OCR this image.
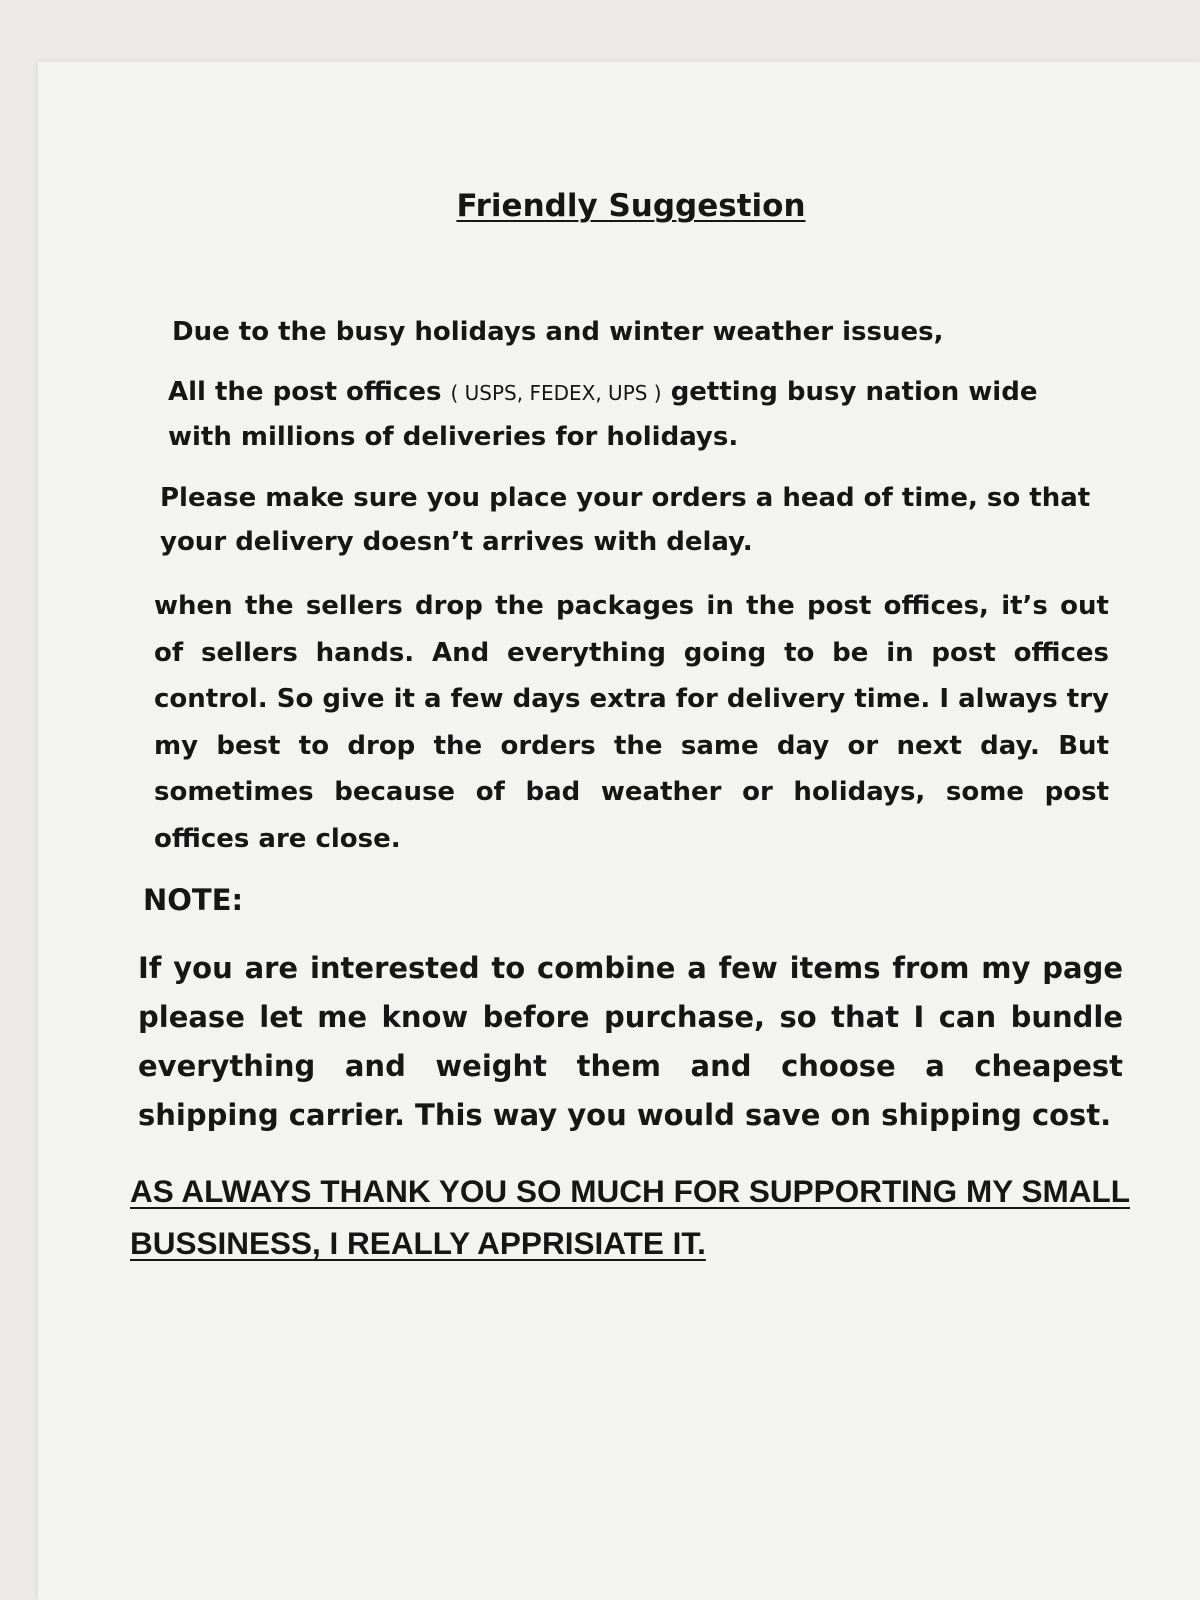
Friendly Suggestion

Due to the busy holidays and winter weather issues,

All the post offices ( USPS, FEDEX, UPS ) getting busy nation wide with millions of deliveries for holidays.

Please make sure you place your orders a head of time, so that your delivery doesn’t arrives with delay.

when the sellers drop the packages in the post offices, it’s out of sellers hands. And everything going to be in post offices control. So give it a few days extra for delivery time. I always try my best to drop the orders the same day or next day. But sometimes because of bad weather or holidays, some post offices are close.

NOTE:

If you are interested to combine a few items from my page please let me know before purchase, so that I can bundle everything and weight them and choose a cheapest shipping carrier. This way you would save on shipping cost.

AS ALWAYS THANK YOU SO MUCH FOR SUPPORTING MY SMALL BUSSINESS, I REALLY APPRISIATE IT.
